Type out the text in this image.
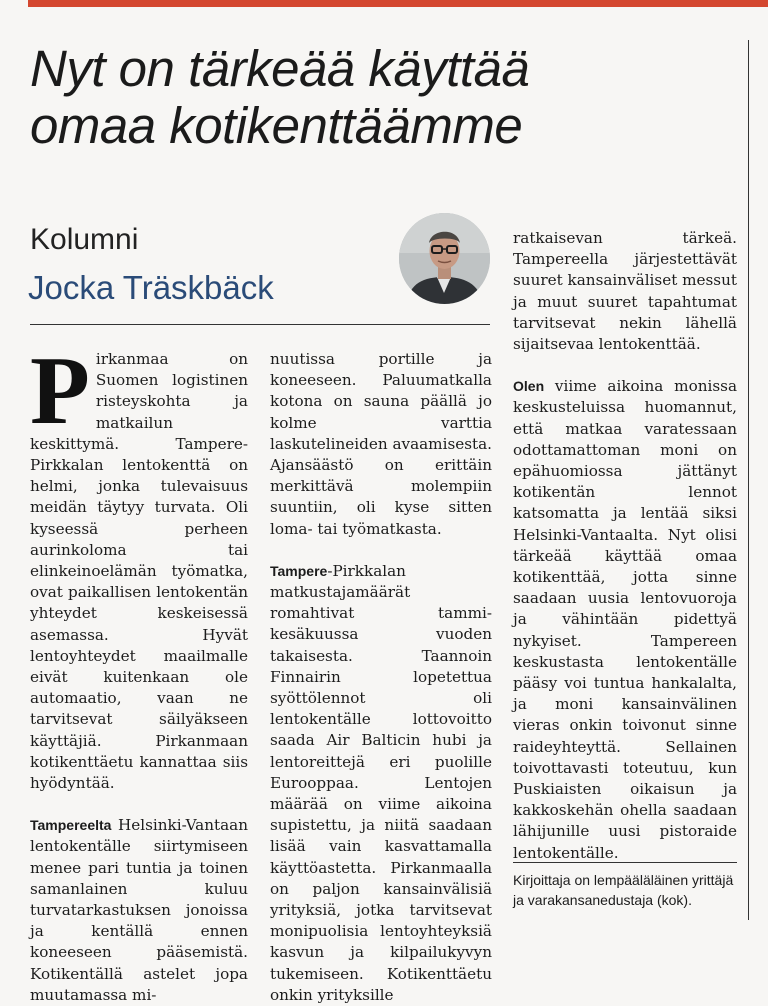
Nyt on tärkeää käyttää
omaa kotikenttäämme
Kolumni
Jocka Träskbäck

Pirkanmaa on Suomen logistinen risteyskohta ja matkailun keskittymä. Tampere-Pirkkalan lentokenttä on helmi, jonka tulevaisuus meidän täytyy turvata. Oli kyseessä perheen aurinkoloma tai elinkeinoelämän työmatka, ovat paikallisen lentokentän yhteydet keskeisessä asemassa. Hyvät lentoyhteydet maailmalle eivät kuitenkaan ole automaatio, vaan ne tarvitsevat säilyäkseen käyttäjiä. Pirkanmaan kotikenttäetu kannattaa siis hyödyntää.

Tampereelta Helsinki-Vantaan lentokentälle siirtymiseen menee pari tuntia ja toinen samanlainen kuluu turvatarkastuksen jonoissa ja kentällä ennen koneeseen pääsemistä. Kotikentällä astelet jopa muutamassa mi-

nuutissa portille ja koneeseen. Paluumatkalla kotona on sauna päällä jo kolme varttia laskutelineiden avaamisesta. Ajansäästö on erittäin merkittävä molempiin suuntiin, oli kyse sitten loma- tai työmatkasta.

Tampere-Pirkkalan matkustajamäärät romahtivat tammi-kesäkuussa vuoden takaisesta. Taannoin Finnairin lopetettua syöttölennot oli lentokentälle lottovoitto saada Air Balticin hubi ja lentoreittejä eri puolille Eurooppaa. Lentojen määrää on viime aikoina supistettu, ja niitä saadaan lisää vain kasvattamalla käyttöastetta. Pirkanmaalla on paljon kansainvälisiä yrityksiä, jotka tarvitsevat monipuolisia lentoyhteyksiä kasvun ja kilpailukyvyn tukemiseen. Kotikenttäetu onkin yrityksille

ratkaisevan tärkeä. Tampereella järjestettävät suuret kansainväliset messut ja muut suuret tapahtumat tarvitsevat nekin lähellä sijaitsevaa lentokenttää.

Olen viime aikoina monissa keskusteluissa huomannut, että matkaa varatessaan odottamattoman moni on epähuomiossa jättänyt kotikentän lennot katsomatta ja lentää siksi Helsinki-Vantaalta. Nyt olisi tärkeää käyttää omaa kotikenttää, jotta sinne saadaan uusia lentovuoroja ja vähintään pidettyä nykyiset. Tampereen keskustasta lentokentälle pääsy voi tuntua hankalalta, ja moni kansainvälinen vieras onkin toivonut sinne raideyhteyttä. Sellainen toivottavasti toteutuu, kun Puskiaisten oikaisun ja kakkoskehän ohella saadaan lähijunille uusi pistoraide lentokentälle.

Kirjoittaja on lempääläläinen yrittäjä ja varakansanedustaja (kok).
